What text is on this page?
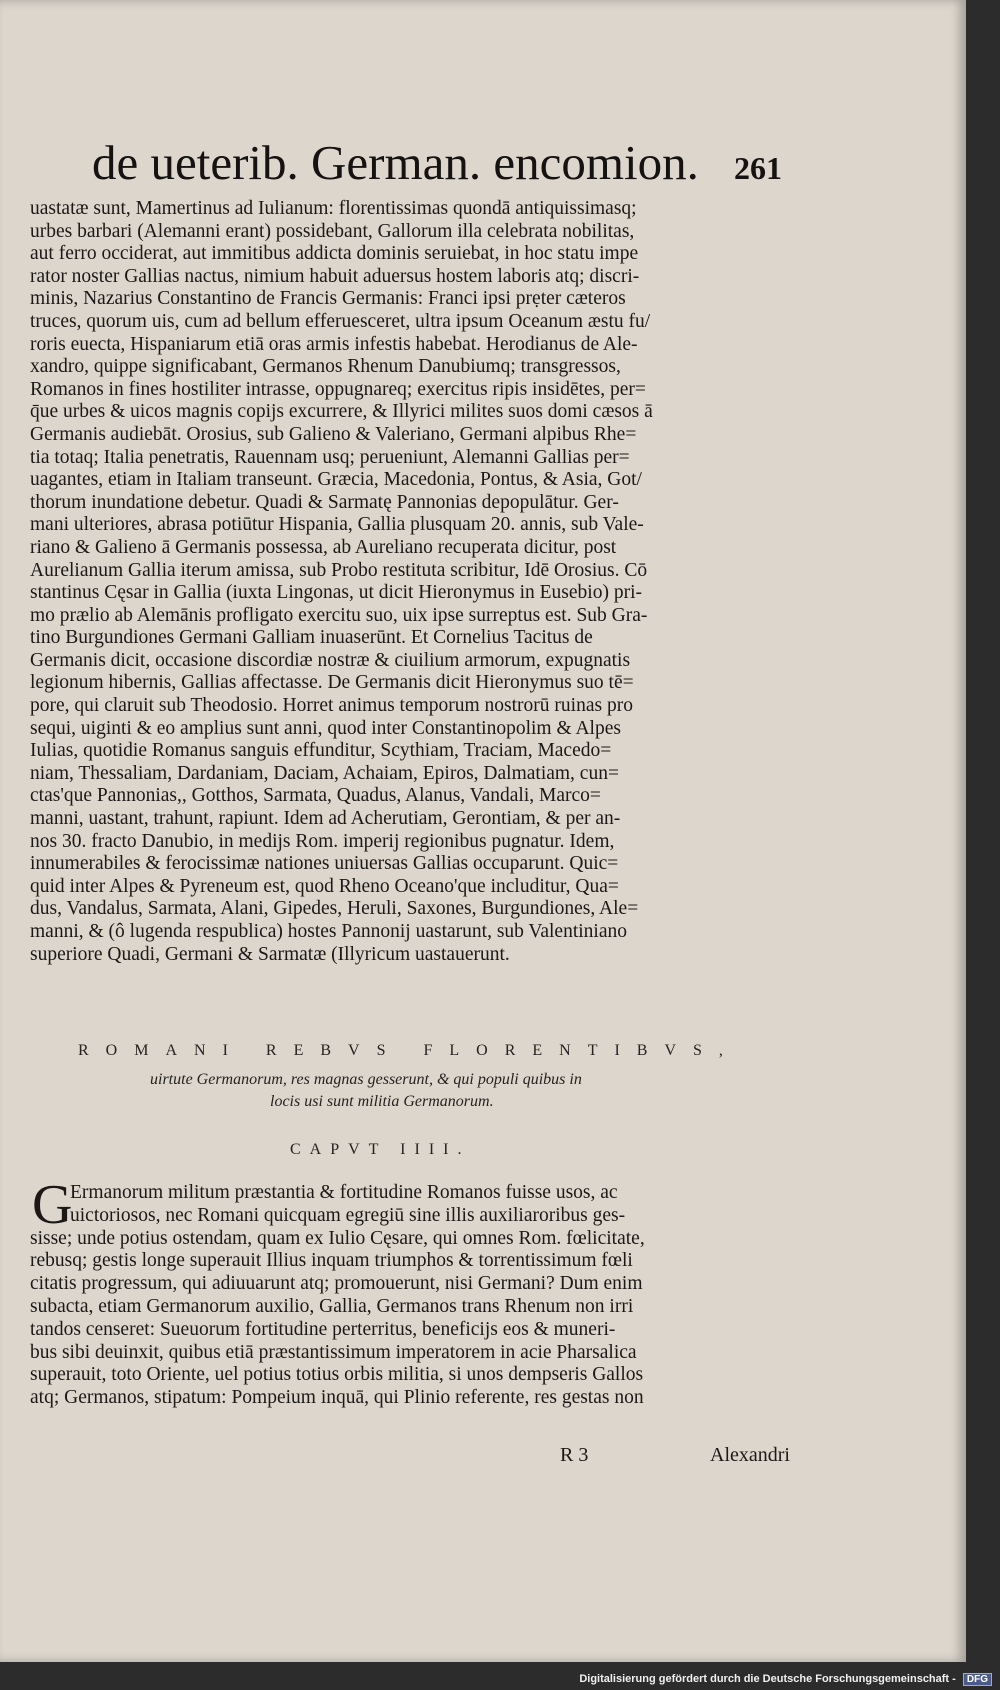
de ueterib. German. encomion. 261
uastatæ sunt, Mamertinus ad Iulianum: florentissimas quondā antiquissimasq;
urbes barbari (Alemanni erant) possidebant, Gallorum illa celebrata nobilitas,
aut ferro occiderat, aut immitibus addicta dominis seruiebat, in hoc statu impe
rator noster Gallias nactus, nimium habuit aduersus hostem laboris atq; discri-
minis, Nazarius Constantino de Francis Germanis: Franci ipsi prẹter cæteros
truces, quorum uis, cum ad bellum efferuesceret, ultra ipsum Oceanum æstu fu/
roris euecta, Hispaniarum etiā oras armis infestis habebat. Herodianus de Ale-
xandro, quippe significabant, Germanos Rhenum Danubiumq; transgressos,
Romanos in fines hostiliter intrasse, oppugnareq; exercitus ripis insidētes, per=
q̄ue urbes & uicos magnis copijs excurrere, & Illyrici milites suos domi cæsos ā
Germanis audiebāt. Orosius, sub Galieno & Valeriano, Germani alpibus Rhe=
tia totaq; Italia penetratis, Rauennam usq; perueniunt, Alemanni Gallias per=
uagantes, etiam in Italiam transeunt. Græcia, Macedonia, Pontus, & Asia, Got/
thorum inundatione debetur. Quadi & Sarmatę Pannonias depopulātur. Ger-
mani ulteriores, abrasa potiūtur Hispania, Gallia plusquam 20. annis, sub Vale-
riano & Galieno ā Germanis possessa, ab Aureliano recuperata dicitur, post
Aurelianum Gallia iterum amissa, sub Probo restituta scribitur, Idē Orosius. Cō
stantinus Cęsar in Gallia (iuxta Lingonas, ut dicit Hieronymus in Eusebio) pri-
mo prælio ab Alemānis profligato exercitu suo, uix ipse surreptus est. Sub Gra-
tino Burgundiones Germani Galliam inuaserūnt. Et Cornelius Tacitus de
Germanis dicit, occasione discordiæ nostræ & ciuilium armorum, expugnatis
legionum hibernis, Gallias affectasse. De Germanis dicit Hieronymus suo tē=
pore, qui claruit sub Theodosio. Horret animus temporum nostrorū ruinas pro
sequi, uiginti & eo amplius sunt anni, quod inter Constantinopolim & Alpes
Iulias, quotidie Romanus sanguis effunditur, Scythiam, Traciam, Macedo=
niam, Thessaliam, Dardaniam, Daciam, Achaiam, Epiros, Dalmatiam, cun=
ctas'que Pannonias,, Gotthos, Sarmata, Quadus, Alanus, Vandali, Marco=
manni, uastant, trahunt, rapiunt. Idem ad Acherutiam, Gerontiam, & per an-
nos 30. fracto Danubio, in medijs Rom. imperij regionibus pugnatur. Idem,
innumerabiles & ferocissimæ nationes uniuersas Gallias occuparunt. Quic=
quid inter Alpes & Pyreneum est, quod Rheno Oceano'que includitur, Qua=
dus, Vandalus, Sarmata, Alani, Gipedes, Heruli, Saxones, Burgundiones, Ale=
manni, & (ô lugenda respublica) hostes Pannonij uastarunt, sub Valentiniano
superiore Quadi, Germani & Sarmatæ (Illyricum uastauerunt.
ROMANI REBVS FLORENTIBVS,
uirtute Germanorum, res magnas gesserunt, & qui populi quibus in
locis usi sunt militia Germanorum.
CAPVT IIII.
G
Ermanorum militum præstantia & fortitudine Romanos fuisse usos, ac
uictoriosos, nec Romani quicquam egregiū sine illis auxiliaroribus ges-
sisse; unde potius ostendam, quam ex Iulio Cęsare, qui omnes Rom. fœlicitate,
rebusq; gestis longe superauit Illius inquam triumphos & torrentissimum fœli
citatis progressum, qui adiuuarunt atq; promouerunt, nisi Germani? Dum enim
subacta, etiam Germanorum auxilio, Gallia, Germanos trans Rhenum non irri
tandos censeret: Sueuorum fortitudine perterritus, beneficijs eos & muneri-
bus sibi deuinxit, quibus etiā præstantissimum imperatorem in acie Pharsalica
superauit, toto Oriente, uel potius totius orbis militia, si unos dempseris Gallos
atq; Germanos, stipatum: Pompeium inquā, qui Plinio referente, res gestas non
R 3	Alexandri
Digitalisierung gefördert durch die Deutsche Forschungsgemeinschaft - DFG
